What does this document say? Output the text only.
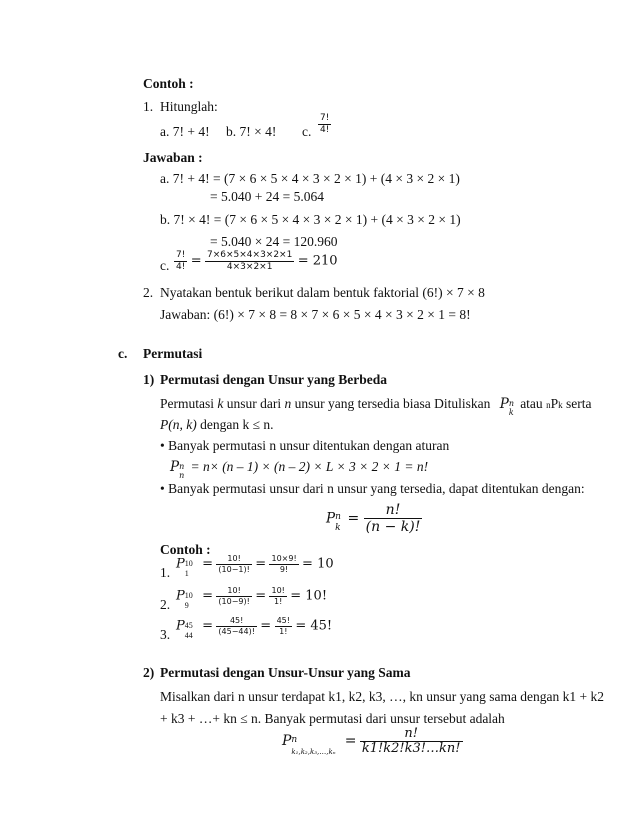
Contoh :
1. Hitunglah:
a. 7! + 4! b. 7! × 4! c. $\frac{7!}{4!}$
Jawaban :
a. 7! + 4! = (7 × 6 × 5 × 4 × 3 × 2 × 1) + (4 × 3 × 2 × 1)
= 5.040 + 24 = 5.064
b. 7! × 4! = (7 × 6 × 5 × 4 × 3 × 2 × 1) + (4 × 3 × 2 × 1)
= 5.040 × 24 = 120.960
c. $\frac{7!}{4!} = \frac{7\times 6\times 5\times 4\times 3\times 2\times 1}{4\times 3\times 2\times 1} = 210$
2. Nyatakan bentuk berikut dalam bentuk faktorial (6!) × 7 × 8
Jawaban: (6!) × 7 × 8 = 8 × 7 × 6 × 5 × 4 × 3 × 2 × 1 = 8!
c. Permutasi
1) Permutasi dengan Unsur yang Berbeda
Permutasi k unsur dari n unsur yang tersedia biasa Dituliskan P n
k
atau nPk serta
P(n, k) dengan k ≤ n.
• Banyak permutasi n unsur ditentukan dengan aturan
P n
n
= n× (n – 1) × (n – 2) × L × 3 × 2 × 1 = n!
• Banyak permutasi unsur dari n unsur yang tersedia, dapat ditentukan dengan:
P n
k
= $\frac{n!}{(n - k)!}$
Contoh :
1.
P 10
1
= $\frac{10!}{(10-1)!} = \frac{10\times 9!}{9!} = 10$
2.
P 10
9
= $\frac{10!}{(10-9)!} = \frac{10!}{1!} = 10$!
3.
P 45
44
= $\frac{45!}{(45-44)!} = \frac{45!}{1!} = 45$!
2) Permutasi dengan Unsur-Unsur yang Sama
Misalkan dari n unsur terdapat k1, k2, k3, …, kn unsur yang sama dengan k1 + k2
+ k3 + …+ kn ≤ n. Banyak permutasi dari unsur tersebut adalah
P n
k₁,k₂,k₃,…,kₙ
= $\frac{n!}{k1!k2!k3!\dots kn!}$
